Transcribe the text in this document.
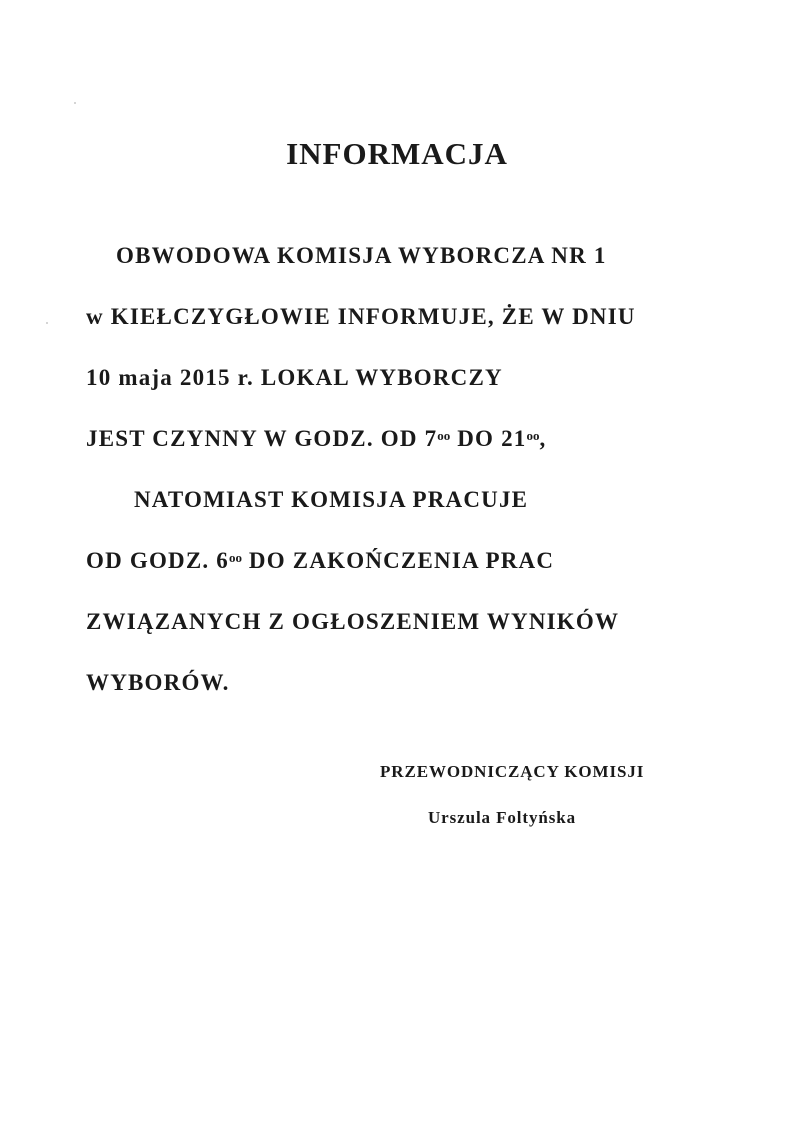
INFORMACJA

OBWODOWA KOMISJA WYBORCZA NR 1

w KIEŁCZYGŁOWIE INFORMUJE, ŻE W DNIU

10 maja 2015 r. LOKAL WYBORCZY

JEST CZYNNY W GODZ. OD $7^{oo}$ DO $21^{oo}$,

NATOMIAST KOMISJA PRACUJE

OD GODZ. $6^{oo}$ DO ZAKOŃCZENIA PRAC

ZWIĄZANYCH Z OGŁOSZENIEM WYNIKÓW

WYBORÓW.

PRZEWODNICZĄCY KOMISJI

Urszula Foltyńska
